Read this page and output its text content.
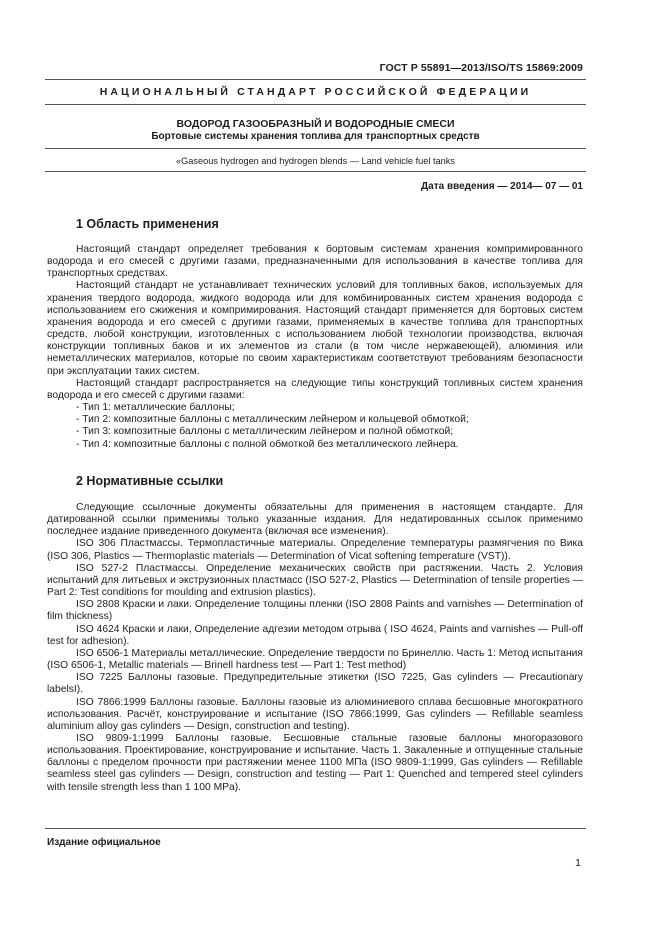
ГОСТ Р 55891—2013/ISO/TS 15869:2009
НАЦИОНАЛЬНЫЙ СТАНДАРТ РОССИЙСКОЙ ФЕДЕРАЦИИ
ВОДОРОД ГАЗООБРАЗНЫЙ И ВОДОРОДНЫЕ СМЕСИ
Бортовые системы хранения топлива для транспортных средств
«Gaseous hydrogen and hydrogen blends — Land vehicle fuel tanks
Дата введения — 2014— 07 — 01
1 Область применения

Настоящий стандарт определяет требования к бортовым системам хранения компримированного водорода и его смесей с другими газами, предназначенными для использования в качестве топлива для транспортных средствах.

Настоящий стандарт не устанавливает технических условий для топливных баков, используемых для хранения твердого водорода, жидкого водорода или для комбинированных систем хранения водорода с использованием его сжижения и компримирования. Настоящий стандарт применяется для бортовых систем хранения водорода и его смесей с другими газами, применяемых в качестве топлива для транспортных средств, любой конструкции, изготовленных с использованием любой технологии производства, включая конструкции топливных баков и их элементов из стали (в том числе нержавеющей), алюминия или неметаллических материалов, которые по своим характеристикам соответствуют требованиям безопасности при эксплуатации таких систем.

Настоящий стандарт распространяется на следующие типы конструкций топливных систем хранения водорода и его смесей с другими газами:

- Тип 1: металлические баллоны;

- Тип 2: композитные баллоны с металлическим лейнером и кольцевой обмоткой;

- Тип 3: композитные баллоны с металлическим лейнером и полной обмоткой;

- Тип 4: композитные баллоны с полной обмоткой без металлического лейнера.

2 Нормативные ссылки

Следующие ссылочные документы обязательны для применения в настоящем стандарте. Для датированной ссылки применимы только указанные издания. Для недатированных ссылок применимо последнее издание приведенного документа (включая все изменения).

ISO 306 Пластмассы. Термопластичные материалы. Определение температуры размягчения по Вика (ISO 306, Plastics — Thermoplastic materials — Determination of Vicat softening temperature (VST)).

ISO 527-2 Пластмассы. Определение механических свойств при растяжении. Часть 2. Условия испытаний для литьевых и экструзионных пластмасс (ISO 527-2, Plastics — Determination of tensile properties — Part 2: Test conditions for moulding and extrusion plastics).

ISO 2808 Краски и лаки. Определение толщины пленки (ISO 2808 Paints and varnishes — Determination of film thickness)

ISO 4624 Краски и лаки, Определение адгезии методом отрыва ( ISO 4624, Paints and varnishes — Pull-off test for adhesion).

ISO 6506-1 Материалы металлические. Определение твердости по Бринеллю. Часть 1: Метод испытания (ISO 6506-1, Metallic materials — Brinell hardness test — Part 1: Test method)

ISO 7225 Баллоны газовые. Предупредительные этикетки (ISO 7225, Gas cylinders — Precautionary labelsI).

ISO 7866:1999 Баллоны газовые. Баллоны газовые из алюминиевого сплава бесшовные многократного использования. Расчёт, конструирование и испытание (ISO 7866:1999, Gas cylinders — Refillable seamless aluminium alloy gas cylinders — Design, construction and testing).

ISO 9809-1:1999 Баллоны газовые. Бесшовные стальные газовые баллоны многоразового использования. Проектирование, конструирование и испытание. Часть 1. Закаленные и отпущенные стальные баллоны с пределом прочности при растяжении менее 1100 МПа (ISO 9809-1:1999, Gas cylinders — Refillable seamless steel gas cylinders — Design, construction and testing — Part 1: Quenched and tempered steel cylinders with tensile strength less than 1 100 MPa).

Издание официальное
1
